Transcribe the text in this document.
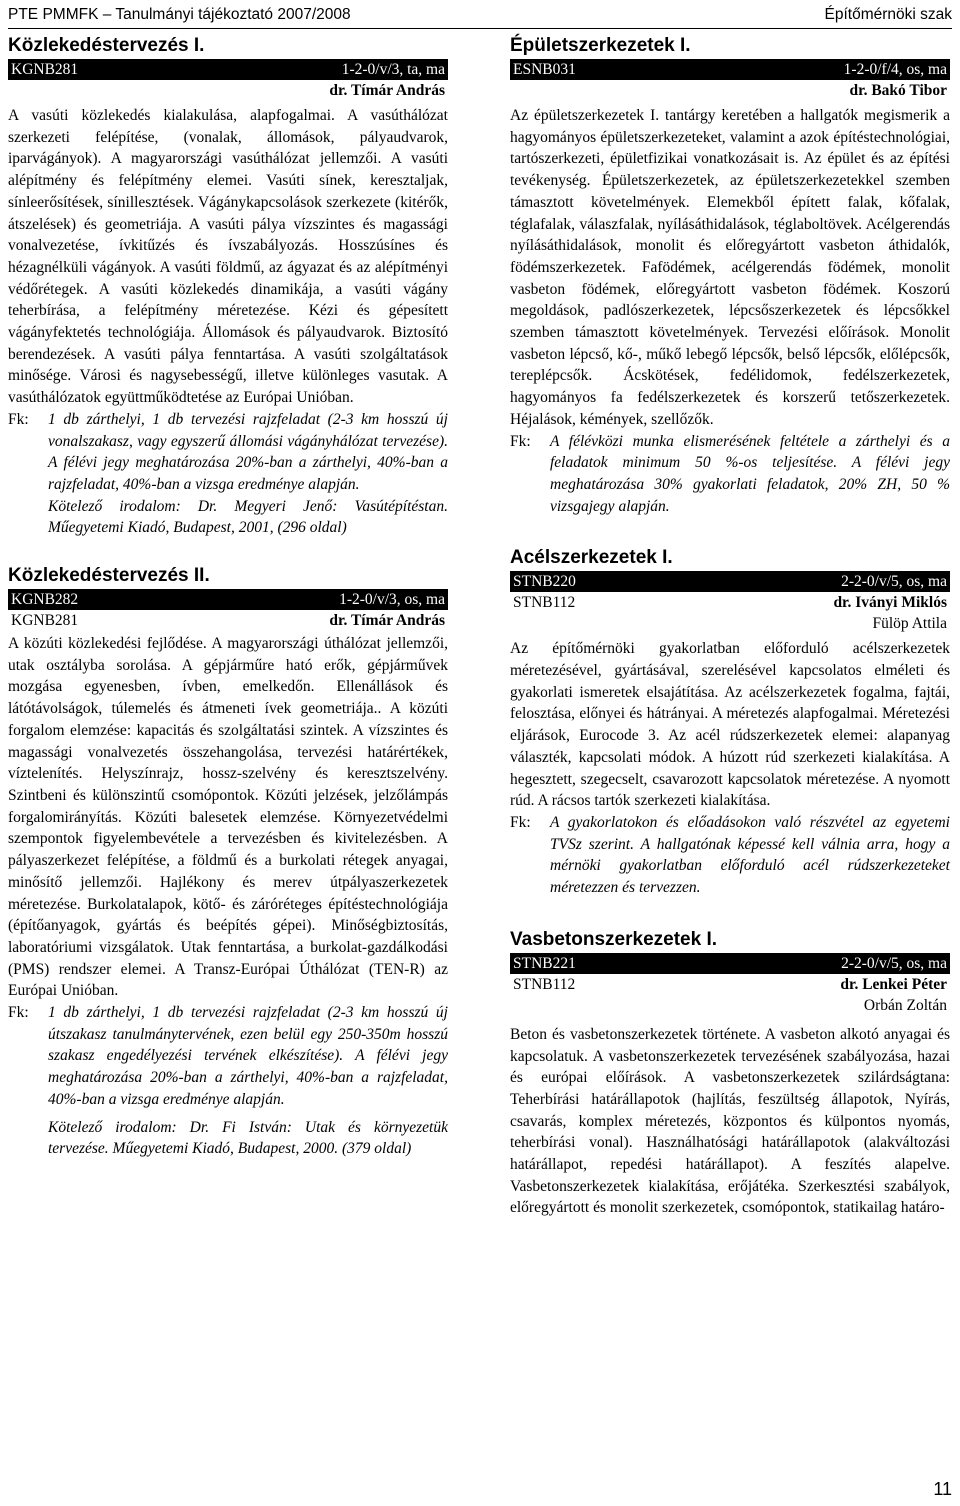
PTE PMMFK – Tanulmányi tájékoztató 2007/2008	Építőmérnöki szak
Közlekedéstervezés I.
KGNB281	1-2-0/v/3, ta, ma
dr. Tímár András

A vasúti közlekedés kialakulása, alapfogalmai. A vasúthálózat szerkezeti felépítése, (vonalak, állomások, pályaudvarok, iparvágányok). A magyarországi vasúthálózat jellemzői. A vasúti alépítmény és felépítmény elemei. Vasúti sínek, keresztaljak, sínleerősítések, sínillesztések. Vágánykapcsolások szerkezete (kitérők, átszelések) és geometriája. A vasúti pálya vízszintes és magassági vonalvezetése, ívkitűzés és ívszabályozás. Hosszúsínes és hézagnélküli vágányok. A vasúti földmű, az ágyazat és az alépítményi védőrétegek. A vasúti közlekedés dinamikája, a vasúti vágány teherbírása, a felépítmény méretezése. Kézi és gépesített vágányfektetés technológiája. Állomások és pályaudvarok. Biztosító berendezések. A vasúti pálya fenntartása. A vasúti szolgáltatások minősége. Városi és nagysebességű, illetve különleges vasutak. A vasúthálózatok együttműködtetése az Európai Unióban.

Fk:	1 db zárthelyi, 1 db tervezési rajzfeladat (2-3 km hosszú új vonalszakasz, vagy egyszerű állomási vágányhálózat tervezése). A félévi jegy meghatározása 20%-ban a zárthelyi, 40%-ban a rajzfeladat, 40%-ban a vizsga eredménye alapján.
Kötelező irodalom: Dr. Megyeri Jenő: Vasútépítéstan. Műegyetemi Kiadó, Budapest, 2001, (296 oldal)
Közlekedéstervezés II.
KGNB282	1-2-0/v/3, os, ma
KGNB281	dr. Tímár András

A közúti közlekedési fejlődése. A magyarországi úthálózat jellemzői, utak osztályba sorolása. A gépjárműre ható erők, gépjárművek mozgása egyenesben, ívben, emelkedőn. Ellenállások és látótávolságok, túlemelés és átmeneti ívek geometriája.. A közúti forgalom elemzése: kapacitás és szolgáltatási szintek. A vízszintes és magassági vonalvezetés összehangolása, tervezési határértékek, víztelenítés. Helyszínrajz, hossz-szelvény és keresztszelvény. Szintbeni és különszintű csomópontok. Közúti jelzések, jelzőlámpás forgalomirányítás. Közúti balesetek elemzése. Környezetvédelmi szempontok figyelembevétele a tervezésben és kivitelezésben. A pályaszerkezet felépítése, a földmű és a burkolati rétegek anyagai, minősítő jellemzői. Hajlékony és merev útpályaszerkezetek méretezése. Burkolatalapok, kötő- és záróréteges építéstechnológiája (építőanyagok, gyártás és beépítés gépei). Minőségbiztosítás, laboratóriumi vizsgálatok. Utak fenntartása, a burkolat-gazdálkodási (PMS) rendszer elemei. A Transz-Európai Úthálózat (TEN-R) az Európai Unióban.

Fk:	1 db zárthelyi, 1 db tervezési rajzfeladat (2-3 km hosszú új útszakasz tanulmánytervének, ezen belül egy 250-350m hosszú szakasz engedélyezési tervének elkészítése). A félévi jegy meghatározása 20%-ban a zárthelyi, 40%-ban a rajzfeladat, 40%-ban a vizsga eredménye alapján.
Kötelező irodalom: Dr. Fi István: Utak és környezetük tervezése. Műegyetemi Kiadó, Budapest, 2000. (379 oldal)
Épületszerkezetek I.
ESNB031	1-2-0/f/4, os, ma
dr. Bakó Tibor

Az épületszerkezetek I. tantárgy keretében a hallgatók megismerik a hagyományos épületszerkezeteket, valamint a azok építéstechnológiai, tartószerkezeti, épületfizikai vonatkozásait is. Az épület és az építési tevékenység. Épületszerkezetek, az épületszerkezetekkel szemben támasztott követelmények. Elemekből épített falak, kőfalak, téglafalak, válaszfalak, nyílásáthidalások, téglaboltövek. Acélgerendás nyílásáthidalások, monolit és előregyártott vasbeton áthidalók, födémszerkezetek. Fafödémek, acélgerendás födémek, monolit vasbeton födémek, előregyártott vasbeton födémek. Koszorú megoldások, padlószerkezetek, lépcsőszerkezetek és lépcsőkkel szemben támasztott követelmények. Tervezési előírások. Monolit vasbeton lépcső, kő-, műkő lebegő lépcsők, belső lépcsők, előlépcsők, tereplépcsők. Ácskötések, fedélidomok, fedélszerkezetek, hagyományos fa fedélszerkezetek és korszerű tetőszerkezetek. Héjalások, kémények, szellőzők.

Fk:	A félévközi munka elismerésének feltétele a zárthelyi és a feladatok minimum 50 %-os teljesítése. A félévi jegy meghatározása 30% gyakorlati feladatok, 20% ZH, 50 % vizsgajegy alapján.
Acélszerkezetek I.
STNB220	2-2-0/v/5, os, ma
STNB112	dr. Iványi Miklós
Fülöp Attila

Az építőmérnöki gyakorlatban előforduló acélszerkezetek méretezésével, gyártásával, szerelésével kapcsolatos elméleti és gyakorlati ismeretek elsajátítása. Az acélszerkezetek fogalma, fajtái, felosztása, előnyei és hátrányai. A méretezés alapfogalmai. Méretezési eljárások, Eurocode 3. Az acél rúdszerkezetek elemei: alapanyag választék, kapcsolati módok. A húzott rúd szerkezeti kialakítása. A hegesztett, szegecselt, csavarozott kapcsolatok méretezése. A nyomott rúd. A rácsos tartók szerkezeti kialakítása.

Fk:	A gyakorlatokon és előadásokon való részvétel az egyetemi TVSz szerint. A hallgatónak képessé kell válnia arra, hogy a mérnöki gyakorlatban előforduló acél rúdszerkezeteket méretezzen és tervezzen.
Vasbetonszerkezetek I.
STNB221	2-2-0/v/5, os, ma
STNB112	dr. Lenkei Péter
Orbán Zoltán

Beton és vasbetonszerkezetek története. A vasbeton alkotó anyagai és kapcsolatuk. A vasbetonszerkezetek tervezésének szabályozása, hazai és európai előírások. A vasbetonszerkezetek szilárdságtana: Teherbírási határállapotok (hajlítás, feszültség állapotok, Nyírás, csavarás, komplex méretezés, központos és külpontos nyomás, teherbírási vonal). Használhatósági határállapotok (alakváltozási határállapot, repedési határállapot). A feszítés alapelve. Vasbetonszerkezetek kialakítása, erőjátéka. Szerkesztési szabályok, előregyártott és monolit szerkezetek, csomópontok, statikailag határo-

11
